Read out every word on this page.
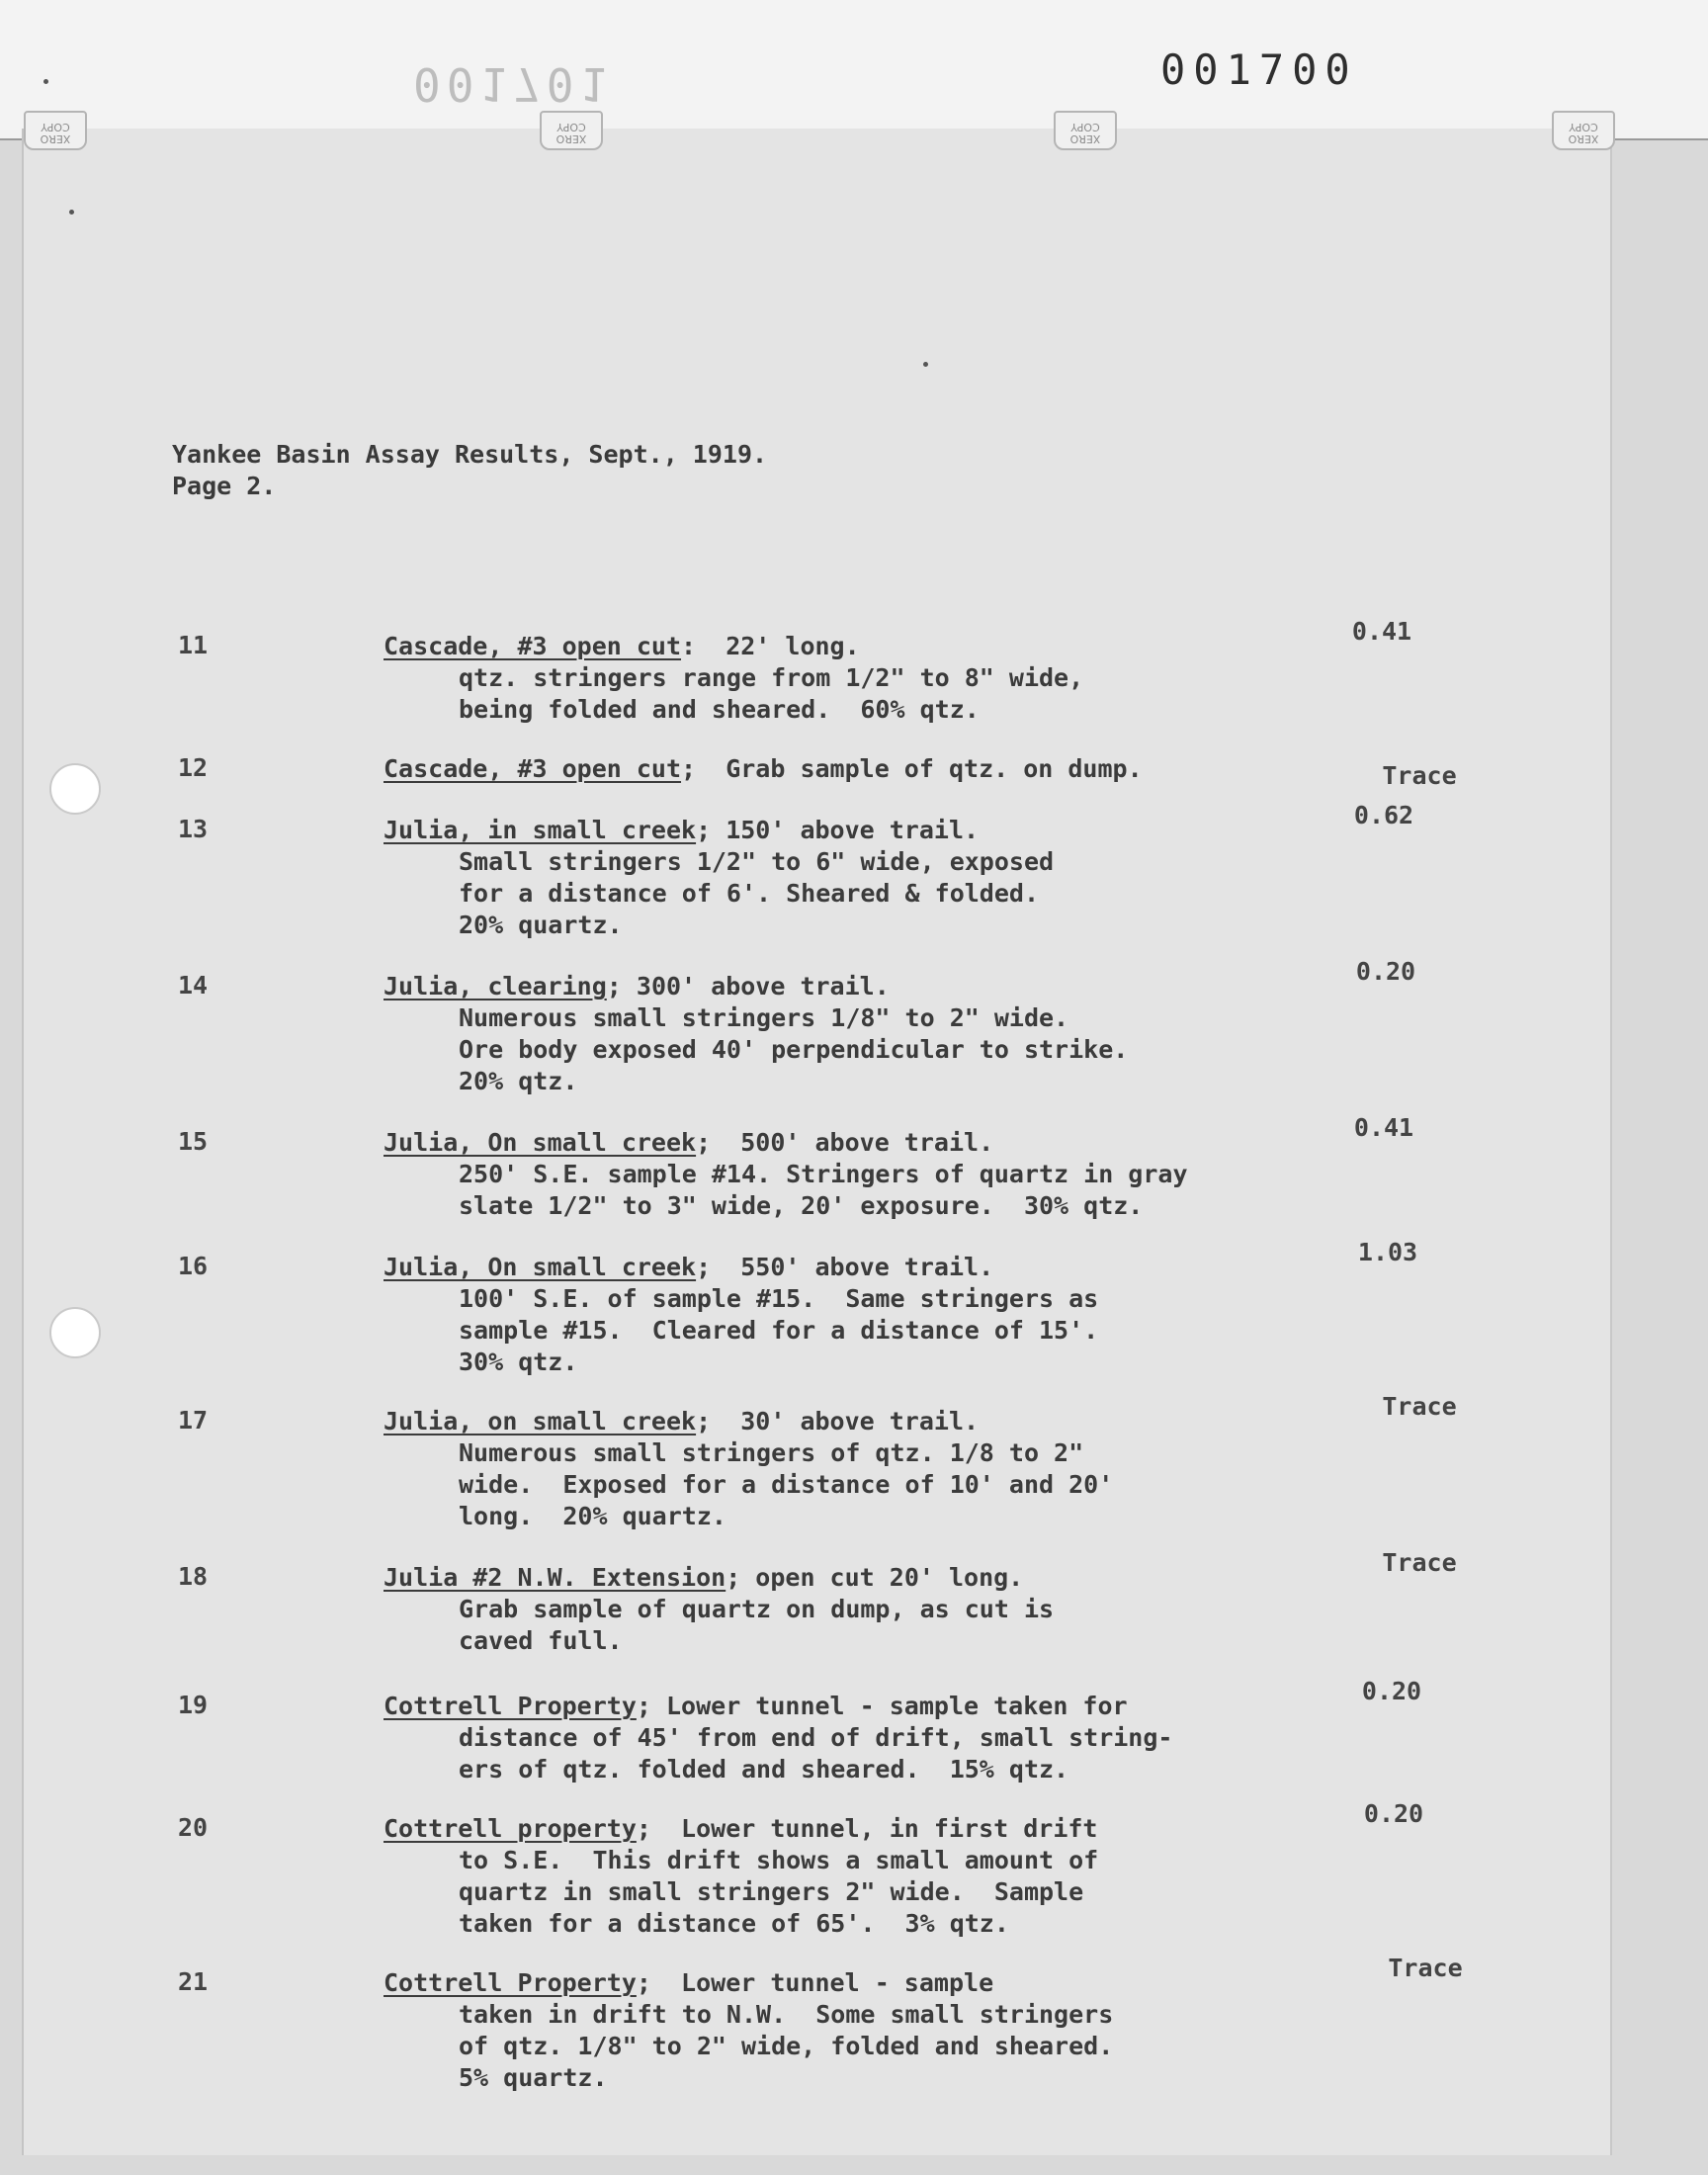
001701	001700
XERO
COPY
XERO
COPY
XERO
COPY
XERO
COPY
Yankee Basin Assay Results, Sept., 1919.
Page 2.
11	Cascade, #3 open cut:  22' long.
qtz. stringers range from 1/2" to 8" wide,
being folded and sheared.  60% qtz.
0.41
12	Cascade, #3 open cut;  Grab sample of qtz. on dump.	Trace
13	Julia, in small creek; 150' above trail.
Small stringers 1/2" to 6" wide, exposed
for a distance of 6'. Sheared & folded.
20% quartz.
0.62
14	Julia, clearing; 300' above trail.
Numerous small stringers 1/8" to 2" wide.
Ore body exposed 40' perpendicular to strike.
20% qtz.
0.20
15	Julia, On small creek;  500' above trail.
250' S.E. sample #14. Stringers of quartz in gray
slate 1/2" to 3" wide, 20' exposure.  30% qtz.
0.41
16	Julia, On small creek;  550' above trail.
100' S.E. of sample #15.  Same stringers as
sample #15.  Cleared for a distance of 15'.
30% qtz.
1.03
17	Julia, on small creek;  30' above trail.
Numerous small stringers of qtz. 1/8 to 2"
wide.  Exposed for a distance of 10' and 20'
long.  20% quartz.
Trace
18	Julia #2 N.W. Extension; open cut 20' long.
Grab sample of quartz on dump, as cut is
caved full.
Trace
19	Cottrell Property; Lower tunnel - sample taken for
distance of 45' from end of drift, small string-
ers of qtz. folded and sheared.  15% qtz.
0.20
20	Cottrell property;  Lower tunnel, in first drift
to S.E.  This drift shows a small amount of
quartz in small stringers 2" wide.  Sample
taken for a distance of 65'.  3% qtz.
0.20
21	Cottrell Property;  Lower tunnel - sample
taken in drift to N.W.  Some small stringers
of qtz. 1/8" to 2" wide, folded and sheared.
5% quartz.
Trace
